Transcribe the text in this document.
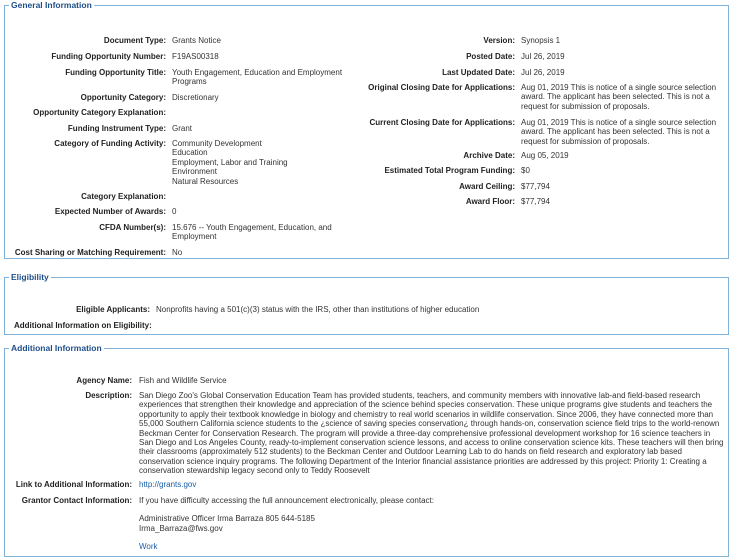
General Information
Document Type: Grants Notice
Funding Opportunity Number: F19AS00318
Funding Opportunity Title: Youth Engagement, Education and Employment Programs
Opportunity Category: Discretionary
Opportunity Category Explanation:
Funding Instrument Type: Grant
Category of Funding Activity: Community Development
Education
Employment, Labor and Training
Environment
Natural Resources
Category Explanation:
Expected Number of Awards: 0
CFDA Number(s): 15.676 -- Youth Engagement, Education, and Employment
Cost Sharing or Matching Requirement: No
Version: Synopsis 1
Posted Date: Jul 26, 2019
Last Updated Date: Jul 26, 2019
Original Closing Date for Applications: Aug 01, 2019 This is notice of a single source selection award. The applicant has been selected. This is not a request for submission of proposals.
Current Closing Date for Applications: Aug 01, 2019 This is notice of a single source selection award. The applicant has been selected. This is not a request for submission of proposals.
Archive Date: Aug 05, 2019
Estimated Total Program Funding: $0
Award Ceiling: $77,794
Award Floor: $77,794
Eligibility
Eligible Applicants: Nonprofits having a 501(c)(3) status with the IRS, other than institutions of higher education
Additional Information on Eligibility:
Additional Information
Agency Name: Fish and Wildlife Service
Description: San Diego Zoo's Global Conservation Education Team has provided students, teachers, and community members with innovative lab-and field-based research experiences that strengthen their knowledge and appreciation of the science behind species conservation. These unique programs give students and teachers the opportunity to apply their textbook knowledge in biology and chemistry to real world scenarios in wildlife conservation. Since 2006, they have connected more than 55,000 Southern California science students to the ¿science of saving species conservation¿ through hands-on, conservation science field trips to the world-renown Beckman Center for Conservation Research. The program will provide a three-day comprehensive professional development workshop for 16 science teachers in San Diego and Los Angeles County, ready-to-implement conservation science lessons, and access to online conservation science kits. These teachers will then bring their classrooms (approximately 512 students) to the Beckman Center and Outdoor Learning Lab to do hands on field research and exploratory lab based conservation science inquiry programs. The following Department of the Interior financial assistance priorities are addressed by this project: Priority 1: Creating a conservation stewardship legacy second only to Teddy Roosevelt
Link to Additional Information: http://grants.gov
Grantor Contact Information: If you have difficulty accessing the full announcement electronically, please contact:
Administrative Officer Irma Barraza 805 644-5185
Irma_Barraza@fws.gov
Work
